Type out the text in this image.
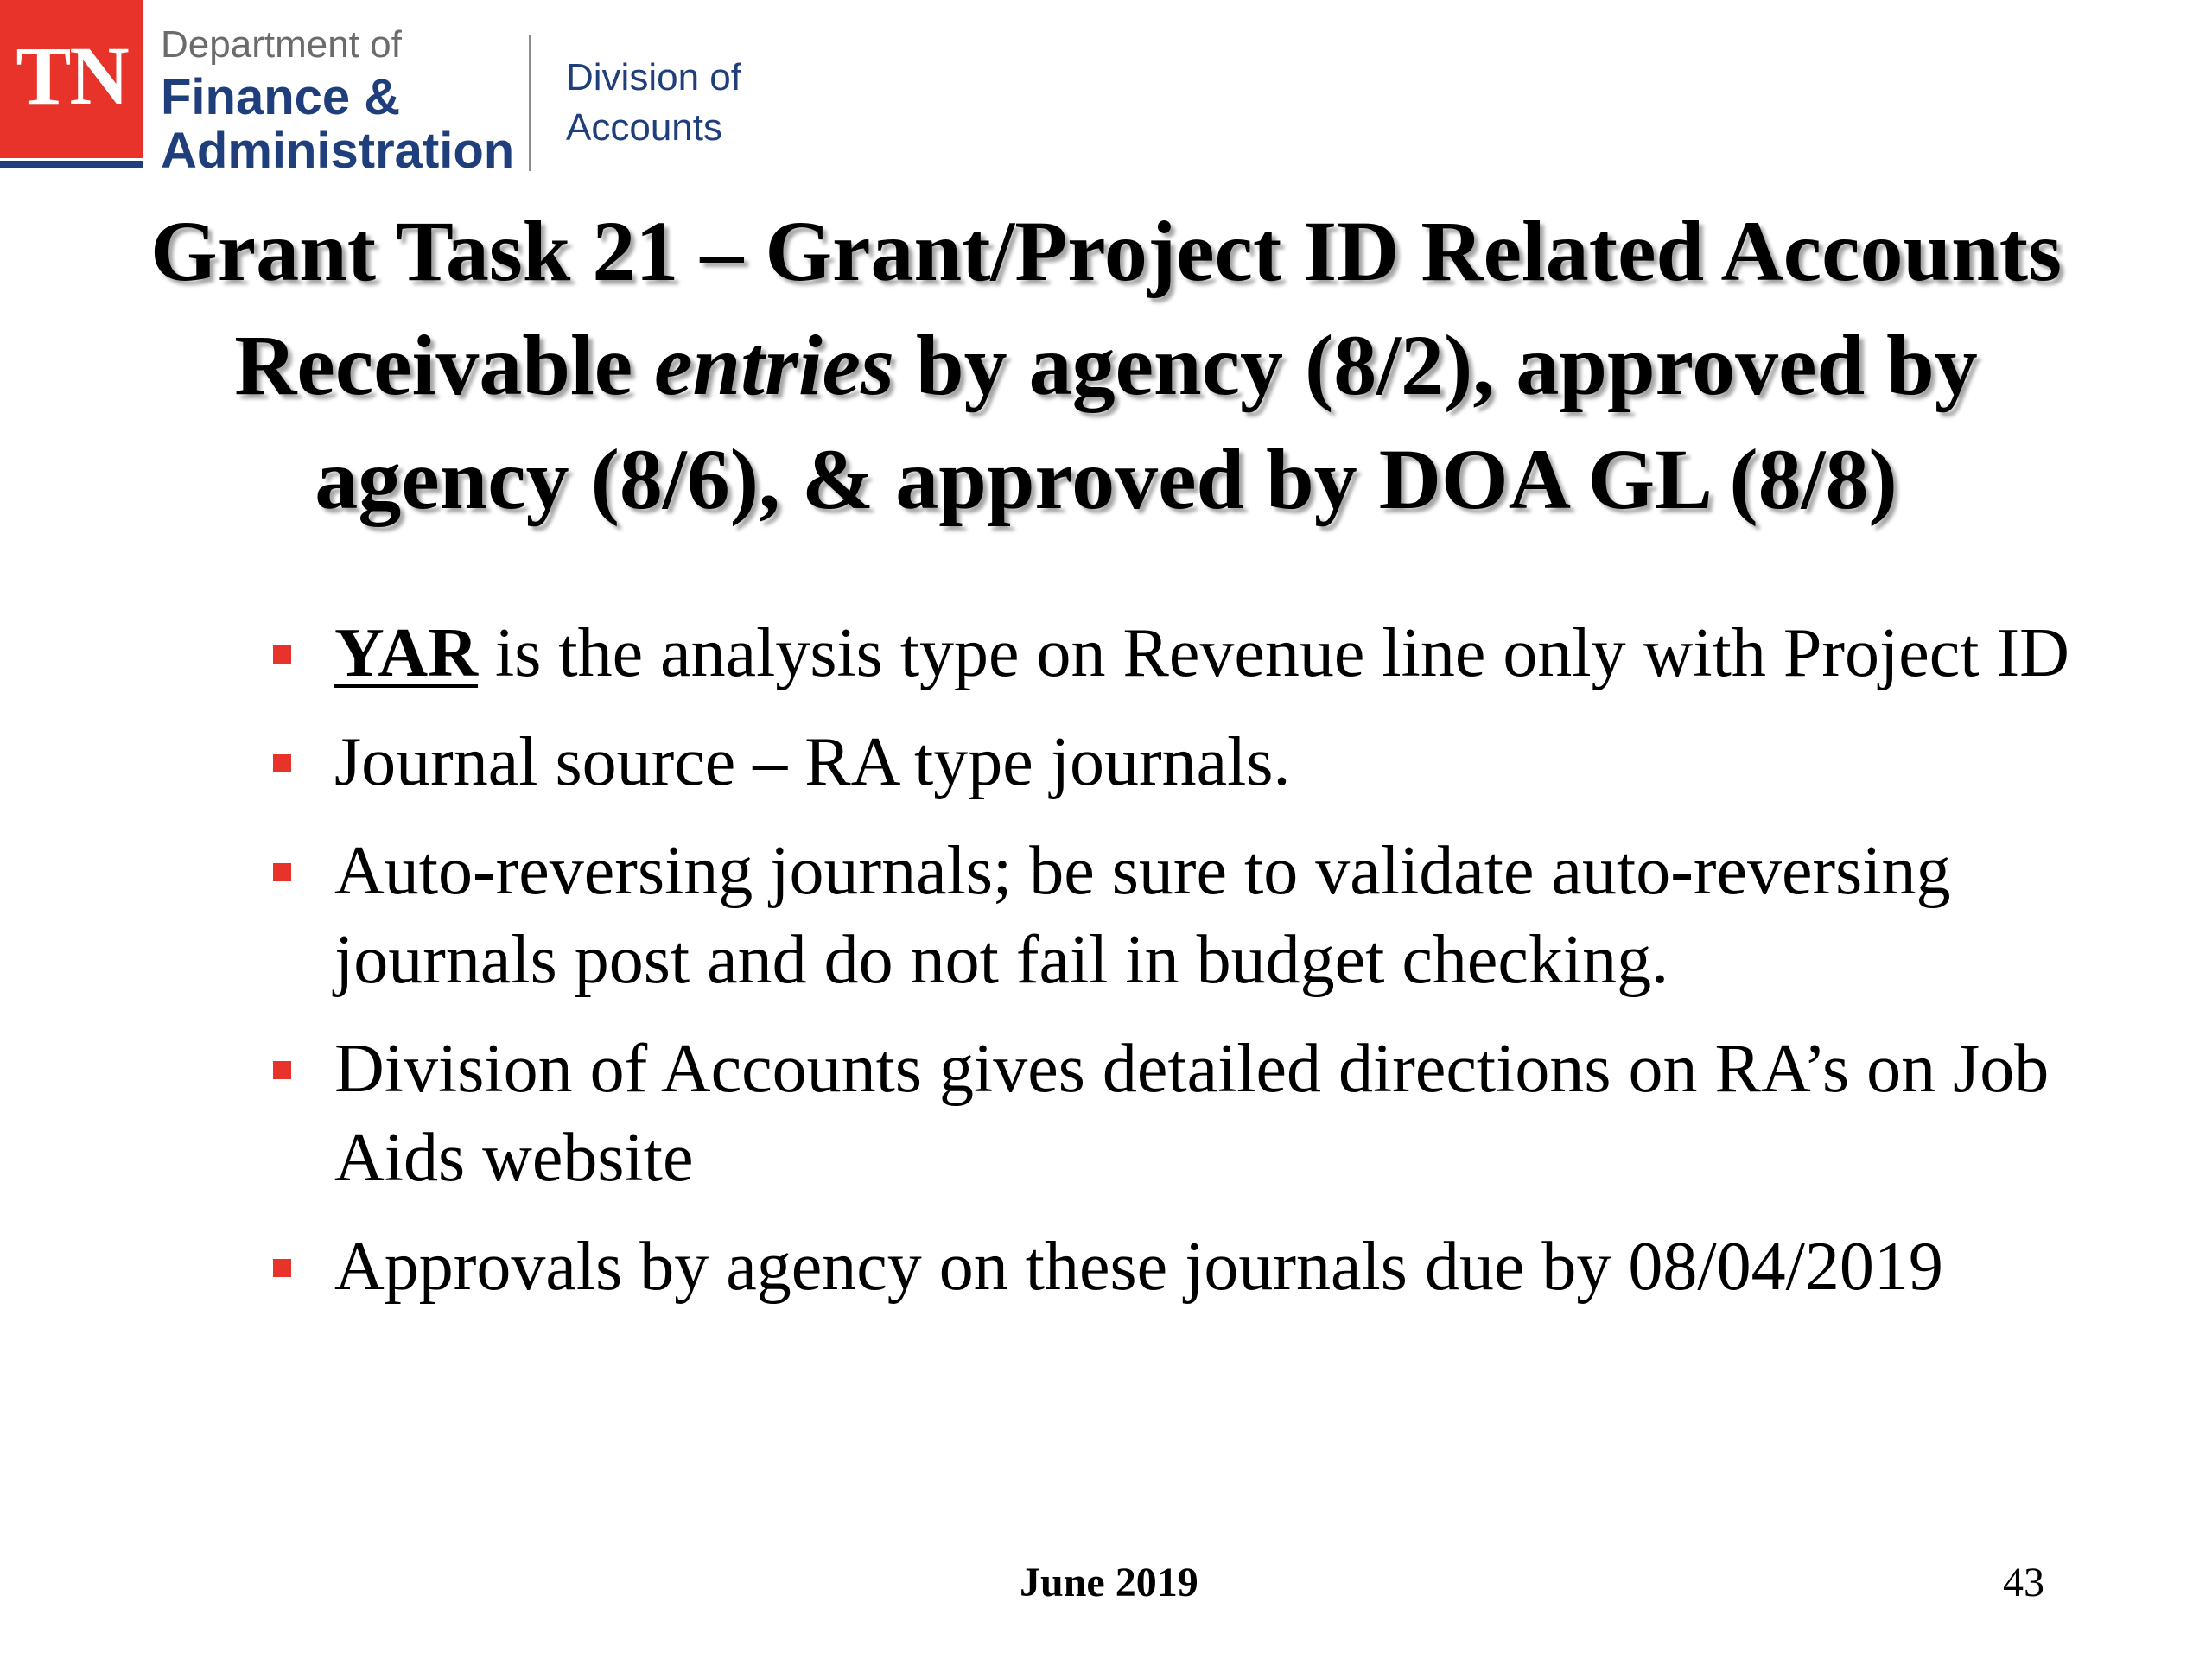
TN Department of
Finance &
Administration
Division of
Accounts
Grant Task 21 – Grant/Project ID Related Accounts
Receivable entries by agency (8/2), approved by
agency (8/6), & approved by DOA GL (8/8)
YAR is the analysis type on Revenue line only with Project ID
Journal source – RA type journals.
Auto-reversing journals; be sure to validate auto-reversing journals post and do not fail in budget checking.
Division of Accounts gives detailed directions on RA’s on Job Aids website
Approvals by agency on these journals due by 08/04/2019
June 2019	43
